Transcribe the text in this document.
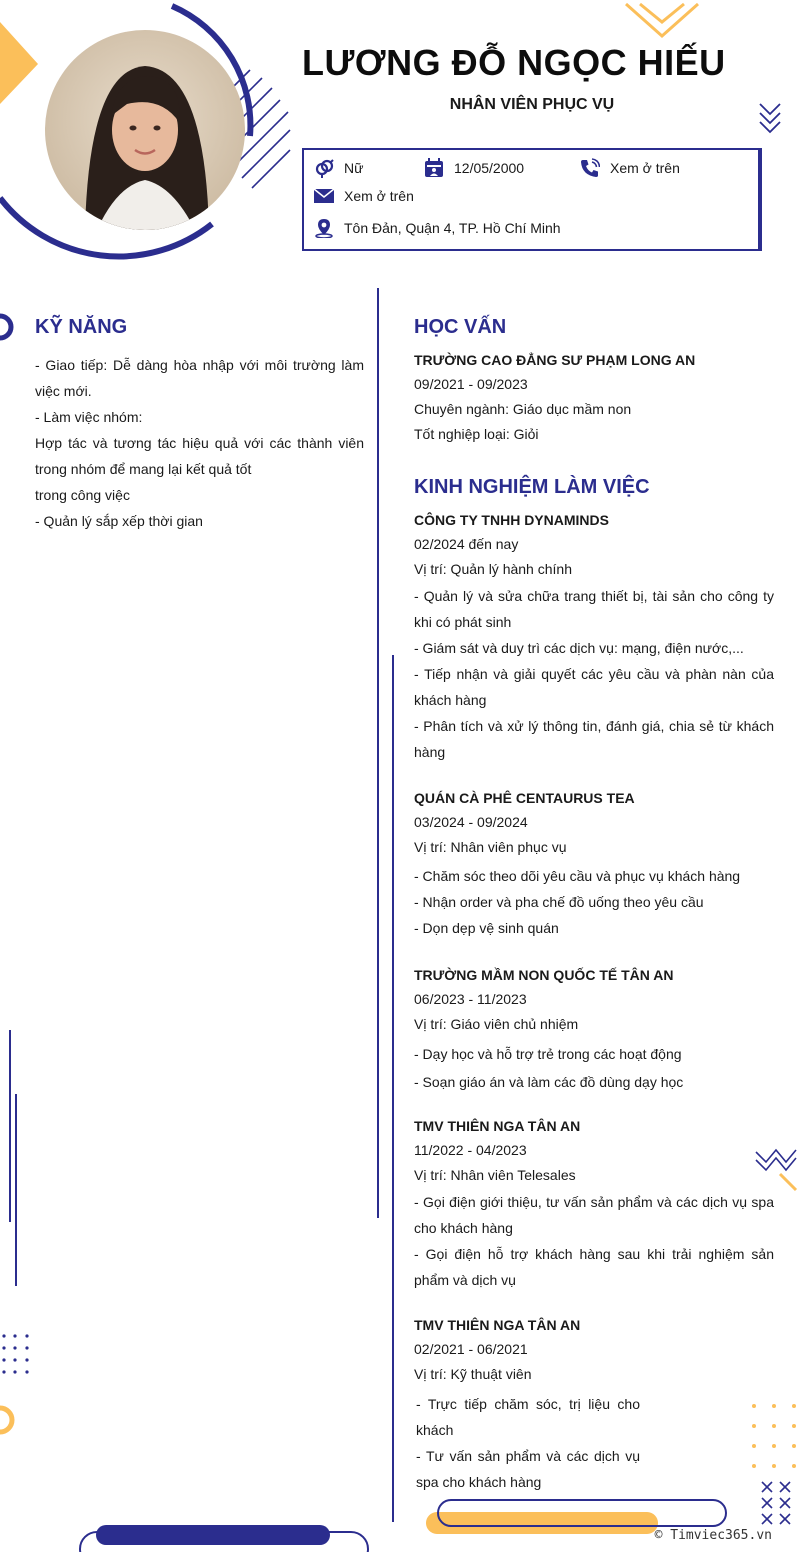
LƯƠNG ĐỖ NGỌC HIẾU
NHÂN VIÊN PHỤC VỤ
Nữ	12/05/2000	Xem ở trên
Xem ở trên
Tôn Đản, Quận 4, TP. Hồ Chí Minh
KỸ NĂNG
- Giao tiếp: Dễ dàng hòa nhập với môi trường làm việc mới.
- Làm việc nhóm:
Hợp tác và tương tác hiệu quả với các thành viên trong nhóm để mang lại kết quả tốt
trong công việc
- Quản lý sắp xếp thời gian
HỌC VẤN
TRƯỜNG CAO ĐẲNG SƯ PHẠM LONG AN
09/2021 - 09/2023
Chuyên ngành: Giáo dục mầm non
Tốt nghiệp loại: Giỏi
KINH NGHIỆM LÀM VIỆC
CÔNG TY TNHH DYNAMINDS
02/2024 đến nay
Vị trí: Quản lý hành chính
- Quản lý và sửa chữa trang thiết bị, tài sản cho công ty khi có phát sinh
- Giám sát và duy trì các dịch vụ: mạng, điện nước,...
- Tiếp nhận và giải quyết các yêu cầu và phàn nàn của khách hàng
- Phân tích và xử lý thông tin, đánh giá, chia sẻ từ khách hàng
QUÁN CÀ PHÊ CENTAURUS TEA
03/2024 - 09/2024
Vị trí: Nhân viên phục vụ
- Chăm sóc theo dõi yêu cầu và phục vụ khách hàng
- Nhận order và pha chế đồ uống theo yêu cầu
- Dọn dẹp vệ sinh quán
TRƯỜNG MẦM NON QUỐC TẾ TÂN AN
06/2023 - 11/2023
Vị trí: Giáo viên chủ nhiệm
- Dạy học và hỗ trợ trẻ trong các hoạt động
- Soạn giáo án và làm các đồ dùng dạy học
TMV THIÊN NGA TÂN AN
11/2022 - 04/2023
Vị trí: Nhân viên Telesales
- Gọi điện giới thiệu, tư vấn sản phẩm và các dịch vụ spa cho khách hàng
- Gọi điện hỗ trợ khách hàng sau khi trải nghiệm sản phẩm và dịch vụ
TMV THIÊN NGA TÂN AN
02/2021 - 06/2021
Vị trí: Kỹ thuật viên
- Trực tiếp chăm sóc, trị liệu cho khách
- Tư vấn sản phẩm và các dịch vụ spa cho khách hàng
© Timviec365.vn
